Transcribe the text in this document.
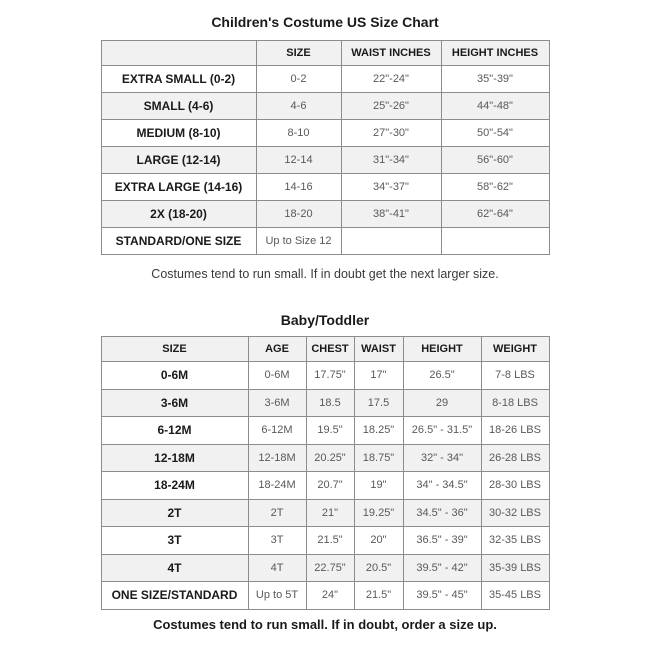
Children's Costume US Size Chart
	SIZE	WAIST INCHES	HEIGHT INCHES
EXTRA SMALL (0-2)	0-2	22"-24"	35"-39"
SMALL (4-6)	4-6	25"-26"	44"-48"
MEDIUM (8-10)	8-10	27"-30"	50"-54"
LARGE (12-14)	12-14	31"-34"	56"-60"
EXTRA LARGE (14-16)	14-16	34"-37"	58"-62"
2X (18-20)	18-20	38"-41"	62"-64"
STANDARD/ONE SIZE	Up to Size 12		
Costumes tend to run small. If in doubt get the next larger size.
Baby/Toddler
SIZE	AGE	CHEST	WAIST	HEIGHT	WEIGHT
0-6M	0-6M	17.75"	17"	26.5"	7-8 LBS
3-6M	3-6M	18.5	17.5	29	8-18 LBS
6-12M	6-12M	19.5"	18.25"	26.5" - 31.5"	18-26 LBS
12-18M	12-18M	20.25"	18.75"	32" - 34"	26-28 LBS
18-24M	18-24M	20.7"	19"	34" - 34.5"	28-30 LBS
2T	2T	21"	19.25"	34.5" - 36"	30-32 LBS
3T	3T	21.5"	20"	36.5" - 39"	32-35 LBS
4T	4T	22.75"	20.5"	39.5" - 42"	35-39 LBS
ONE SIZE/STANDARD	Up to 5T	24"	21.5"	39.5" - 45"	35-45 LBS
Costumes tend to run small. If in doubt, order a size up.
